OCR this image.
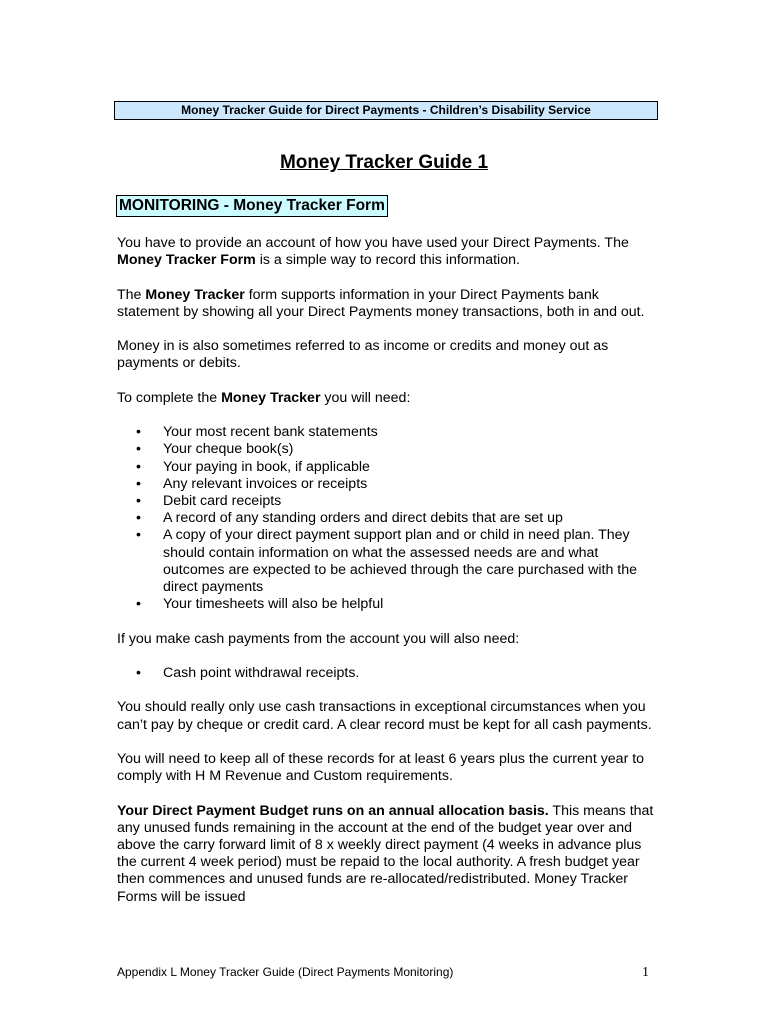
Money Tracker Guide for Direct Payments - Children’s Disability Service
Money Tracker Guide 1
MONITORING - Money Tracker Form

You have to provide an account of how you have used your Direct Payments. The Money Tracker Form is a simple way to record this information.

The Money Tracker form supports information in your Direct Payments bank statement by showing all your Direct Payments money transactions, both in and out.

Money in is also sometimes referred to as income or credits and money out as payments or debits.

To complete the Money Tracker you will need:

• Your most recent bank statements
• Your cheque book(s)
• Your paying in book, if applicable
• Any relevant invoices or receipts
• Debit card receipts
• A record of any standing orders and direct debits that are set up
• A copy of your direct payment support plan and or child in need plan. They should contain information on what the assessed needs are and what outcomes are expected to be achieved through the care purchased with the direct payments
• Your timesheets will also be helpful

If you make cash payments from the account you will also need:

• Cash point withdrawal receipts.

You should really only use cash transactions in exceptional circumstances when you can’t pay by cheque or credit card. A clear record must be kept for all cash payments.

You will need to keep all of these records for at least 6 years plus the current year to comply with H M Revenue and Custom requirements.

Your Direct Payment Budget runs on an annual allocation basis. This means that any unused funds remaining in the account at the end of the budget year over and above the carry forward limit of 8 x weekly direct payment (4 weeks in advance plus the current 4 week period) must be repaid to the local authority. A fresh budget year then commences and unused funds are re-allocated/redistributed. Money Tracker Forms will be issued

Appendix L Money Tracker Guide (Direct Payments Monitoring)	1
